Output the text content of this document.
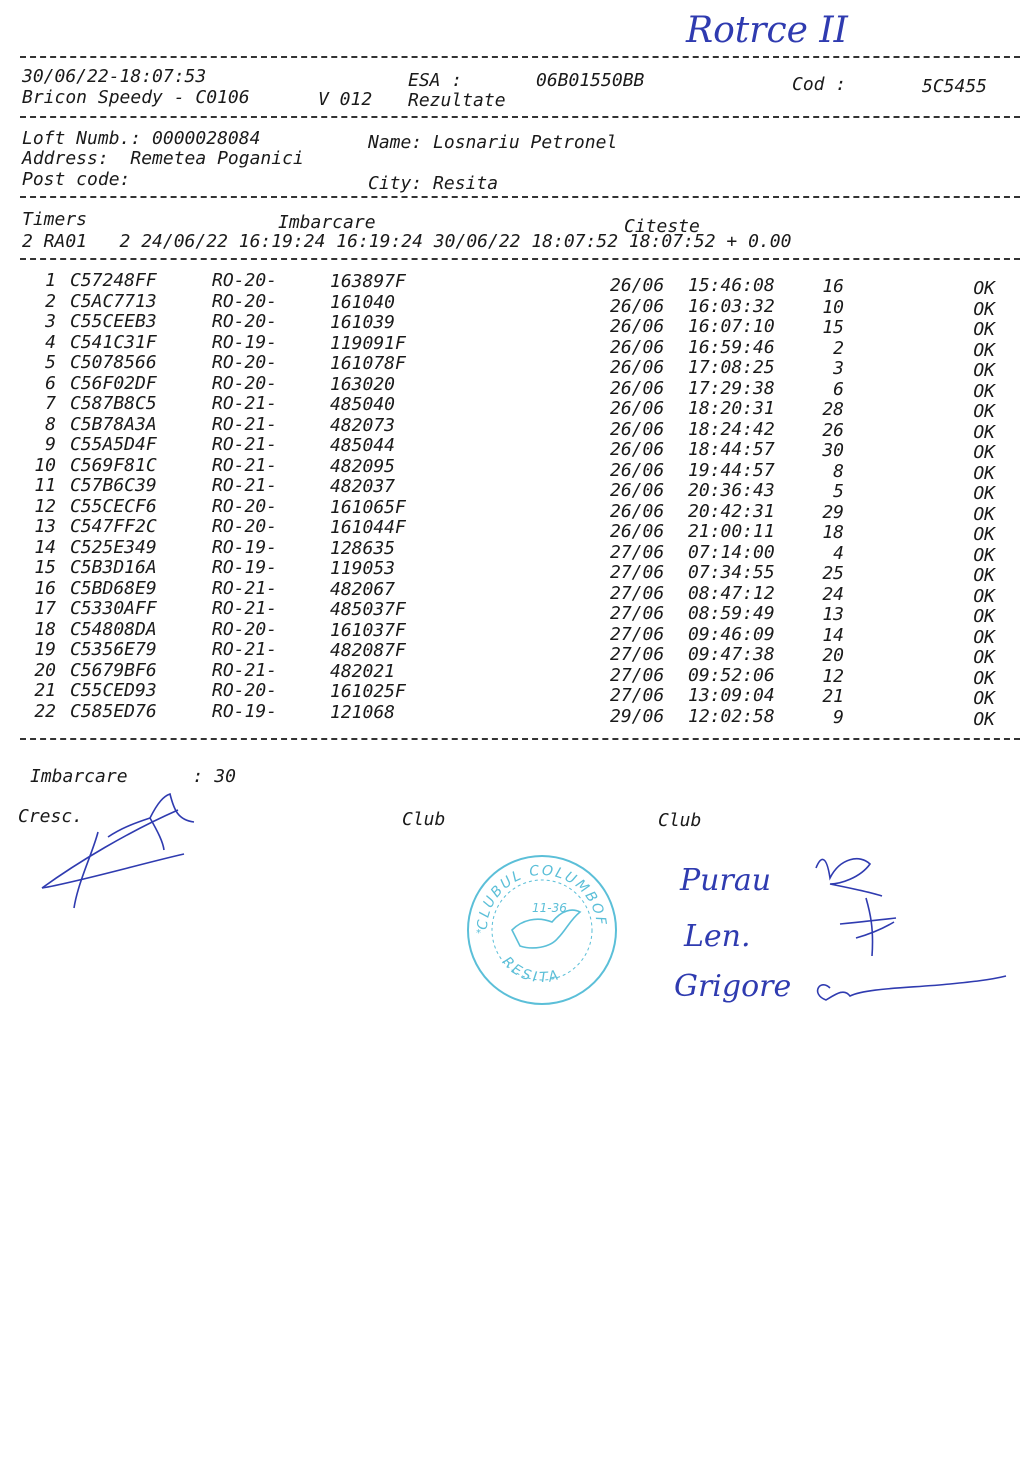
Rotrce II
30/06/22-18:07:53	ESA :	06B01550BB	Cod :	5C5455
Bricon Speedy - C0106	V 012 Rezultate
Loft Numb.: 0000028084	Name: Losnariu Petronel
Address:  Remetea Poganici
Post code:	City: Resita
Timers	Imbarcare	Citeste
2 RA01   2 24/06/22 16:19:24 16:19:24 30/06/22 18:07:52 18:07:52 + 0.00
1 C57248FF	RO-20-	163897F	26/06	15:46:08	16	OK
2 C5AC7713	RO-20-	161040	26/06	16:03:32	10	OK
3 C55CEEB3	RO-20-	161039	26/06	16:07:10	15	OK
4 C541C31F	RO-19-	119091F	26/06	16:59:46	2	OK
5 C5078566	RO-20-	161078F	26/06	17:08:25	3	OK
6 C56F02DF	RO-20-	163020	26/06	17:29:38	6	OK
7 C587B8C5	RO-21-	485040	26/06	18:20:31	28	OK
8 C5B78A3A	RO-21-	482073	26/06	18:24:42	26	OK
9 C55A5D4F	RO-21-	485044	26/06	18:44:57	30	OK
10 C569F81C	RO-21-	482095	26/06	19:44:57	8	OK
11 C57B6C39	RO-21-	482037	26/06	20:36:43	5	OK
12 C55CECF6	RO-20-	161065F	26/06	20:42:31	29	OK
13 C547FF2C	RO-20-	161044F	26/06	21:00:11	18	OK
14 C525E349	RO-19-	128635	27/06	07:14:00	4	OK
15 C5B3D16A	RO-19-	119053	27/06	07:34:55	25	OK
16 C5BD68E9	RO-21-	482067	27/06	08:47:12	24	OK
17 C5330AFF	RO-21-	485037F	27/06	08:59:49	13	OK
18 C54808DA	RO-20-	161037F	27/06	09:46:09	14	OK
19 C5356E79	RO-21-	482087F	27/06	09:47:38	20	OK
20 C5679BF6	RO-21-	482021	27/06	09:52:06	12	OK
21 C55CED93	RO-20-	161025F	27/06	13:09:04	21	OK
22 C585ED76	RO-19-	121068	29/06	12:02:58	9	OK
Imbarcare      : 30
Cresc.	Club	Club
CLUBUL COLUMBOF
RESITA
11-36
*
Purau
Len.
Grigore
